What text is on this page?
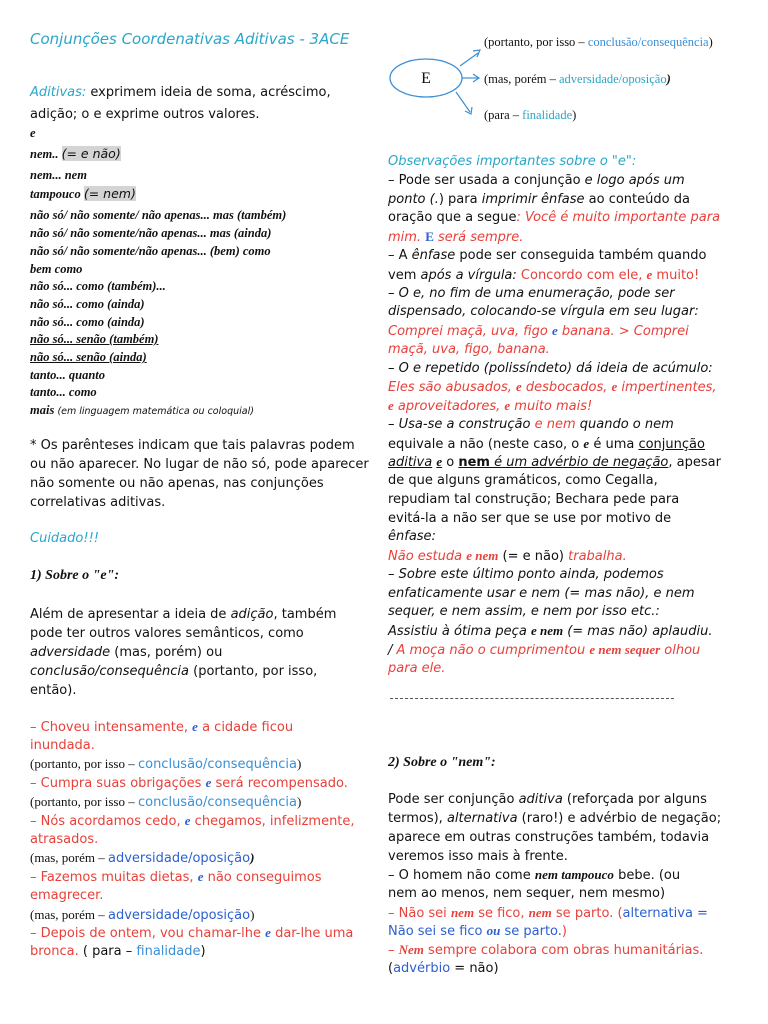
Conjunções Coordenativas Aditivas - 3ACE
Aditivas: exprimem ideia de soma, acréscimo,
adição; o e exprime outros valores.
e
nem.. (= e não)
nem... nem
tampouco (= nem)
não só/ não somente/ não apenas... mas (também)
não só/ não somente/não apenas... mas (ainda)
não só/ não somente/não apenas... (bem) como
bem como
não só... como (também)...
não só... como (ainda)
não só... como (ainda)
não só... senão (também)
não só... senão (ainda)
tanto... quanto
tanto... como
mais (em linguagem matemática ou coloquial)
* Os parênteses indicam que tais palavras podem
ou não aparecer. No lugar de não só, pode aparecer
não somente ou não apenas, nas conjunções
correlativas aditivas.
Cuidado!!!
1) Sobre o "e":
Além de apresentar a ideia de adição, também
pode ter outros valores semânticos, como
adversidade (mas, porém) ou
conclusão/consequência (portanto, por isso,
então).
– Choveu intensamente, e a cidade ficou
inundada.
(portanto, por isso – conclusão/consequência)
– Cumpra suas obrigações e será recompensado.
(portanto, por isso – conclusão/consequência)
– Nós acordamos cedo, e chegamos, infelizmente,
atrasados.
(mas, porém – adversidade/oposição)
– Fazemos muitas dietas, e não conseguimos
emagrecer.
(mas, porém – adversidade/oposição)
– Depois de ontem, vou chamar-lhe e dar-lhe uma
bronca. ( para – finalidade)
E
(portanto, por isso – conclusão/consequência)
(mas, porém – adversidade/oposição)
(para – finalidade)
Observações importantes sobre o "e":
– Pode ser usada a conjunção e logo após um
ponto (.) para imprimir ênfase ao conteúdo da
oração que a segue: Você é muito importante para
mim. E será sempre.
– A ênfase pode ser conseguida também quando
vem após a vírgula: Concordo com ele, e muito!
– O e, no fim de uma enumeração, pode ser
dispensado, colocando-se vírgula em seu lugar:
Comprei maçã, uva, figo e banana. > Comprei
maçã, uva, figo, banana.
– O e repetido (polissíndeto) dá ideia de acúmulo:
Eles são abusados, e desbocados, e impertinentes,
e aproveitadores, e muito mais!
– Usa-se a construção e nem quando o nem
equivale a não (neste caso, o e é uma conjunção
aditiva e o nem é um advérbio de negação, apesar
de que alguns gramáticos, como Cegalla,
repudiam tal construção; Bechara pede para
evitá-la a não ser que se use por motivo de
ênfase:
Não estuda e nem (= e não) trabalha.
– Sobre este último ponto ainda, podemos
enfaticamente usar e nem (= mas não), e nem
sequer, e nem assim, e nem por isso etc.:
Assistiu à ótima peça e nem (= mas não) aplaudiu.
/ A moça não o cumprimentou e nem sequer olhou
para ele.
2) Sobre o "nem":
Pode ser conjunção aditiva (reforçada por alguns
termos), alternativa (raro!) e advérbio de negação;
aparece em outras construções também, todavia
veremos isso mais à frente.
– O homem não come nem tampouco bebe. (ou
nem ao menos, nem sequer, nem mesmo)
– Não sei nem se fico, nem se parto. (alternativa =
Não sei se fico ou se parto.)
– Nem sempre colabora com obras humanitárias.
(advérbio = não)
